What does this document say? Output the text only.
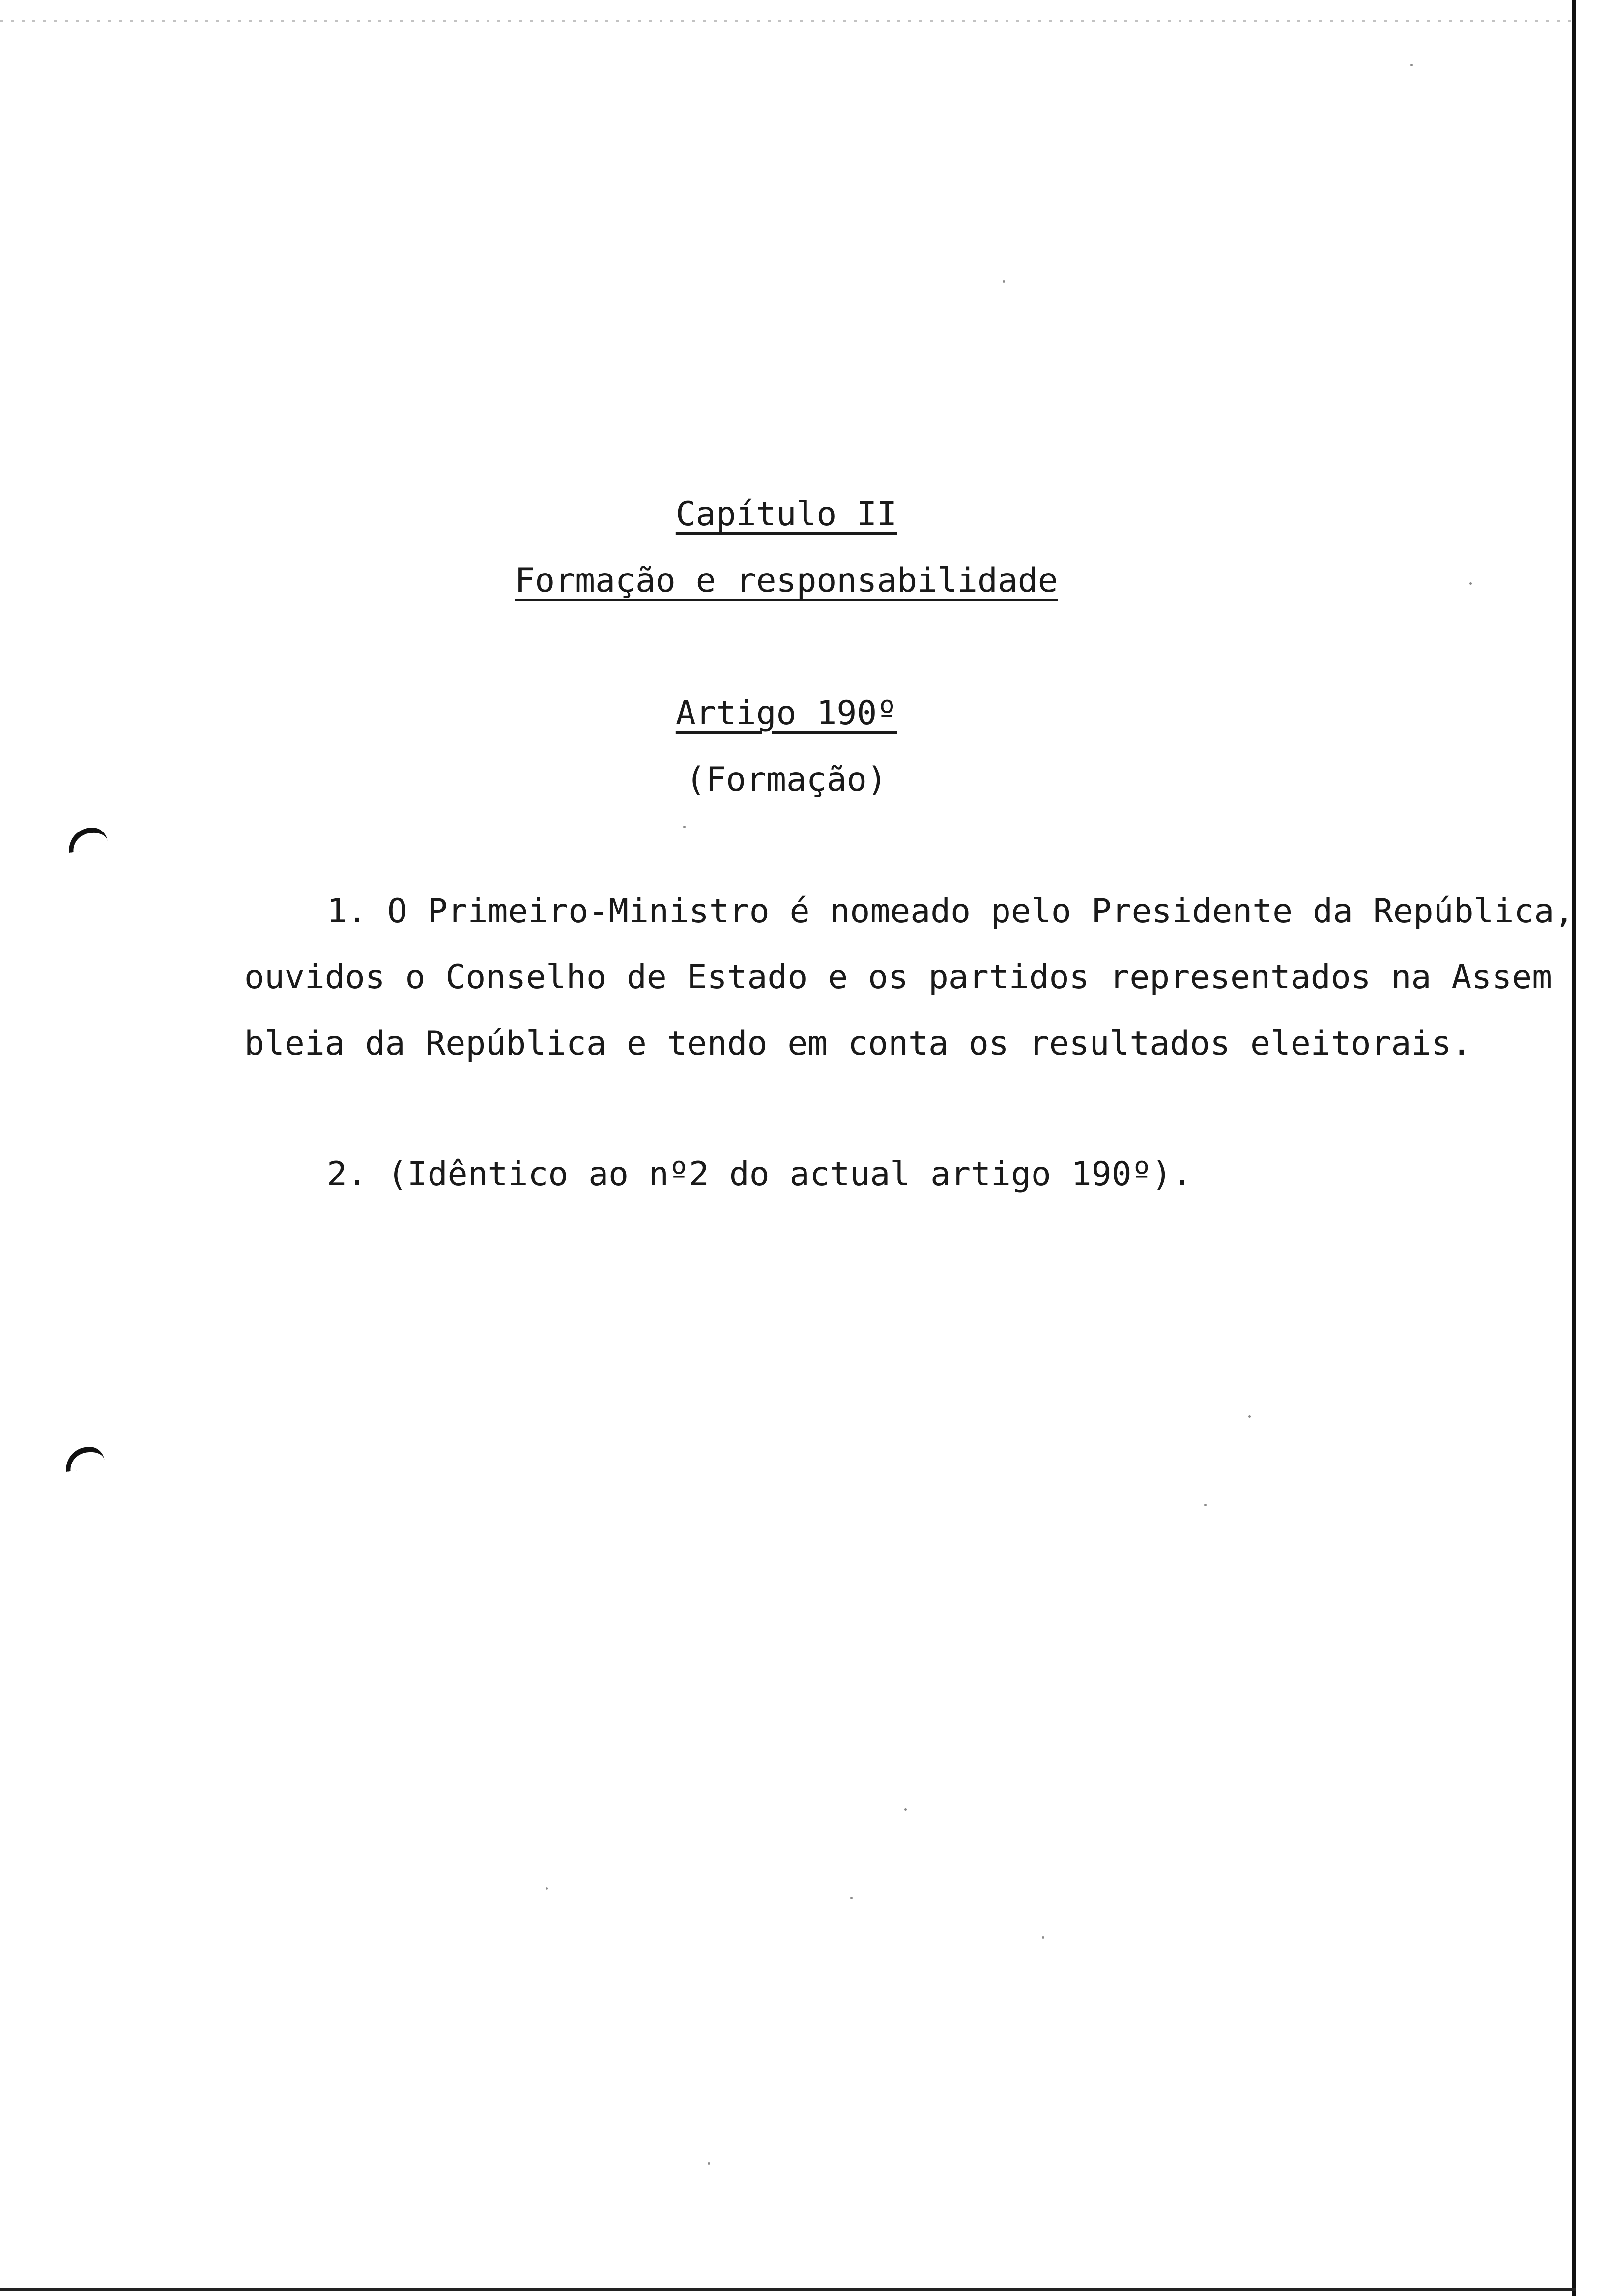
Capítulo II
Formação e responsabilidade
Artigo 190º
(Formação)
1. O Primeiro-Ministro é nomeado pelo Presidente da República,
ouvidos o Conselho de Estado e os partidos representados na Assem
bleia da República e tendo em conta os resultados eleitorais.
2. (Idêntico ao nº2 do actual artigo 190º).
